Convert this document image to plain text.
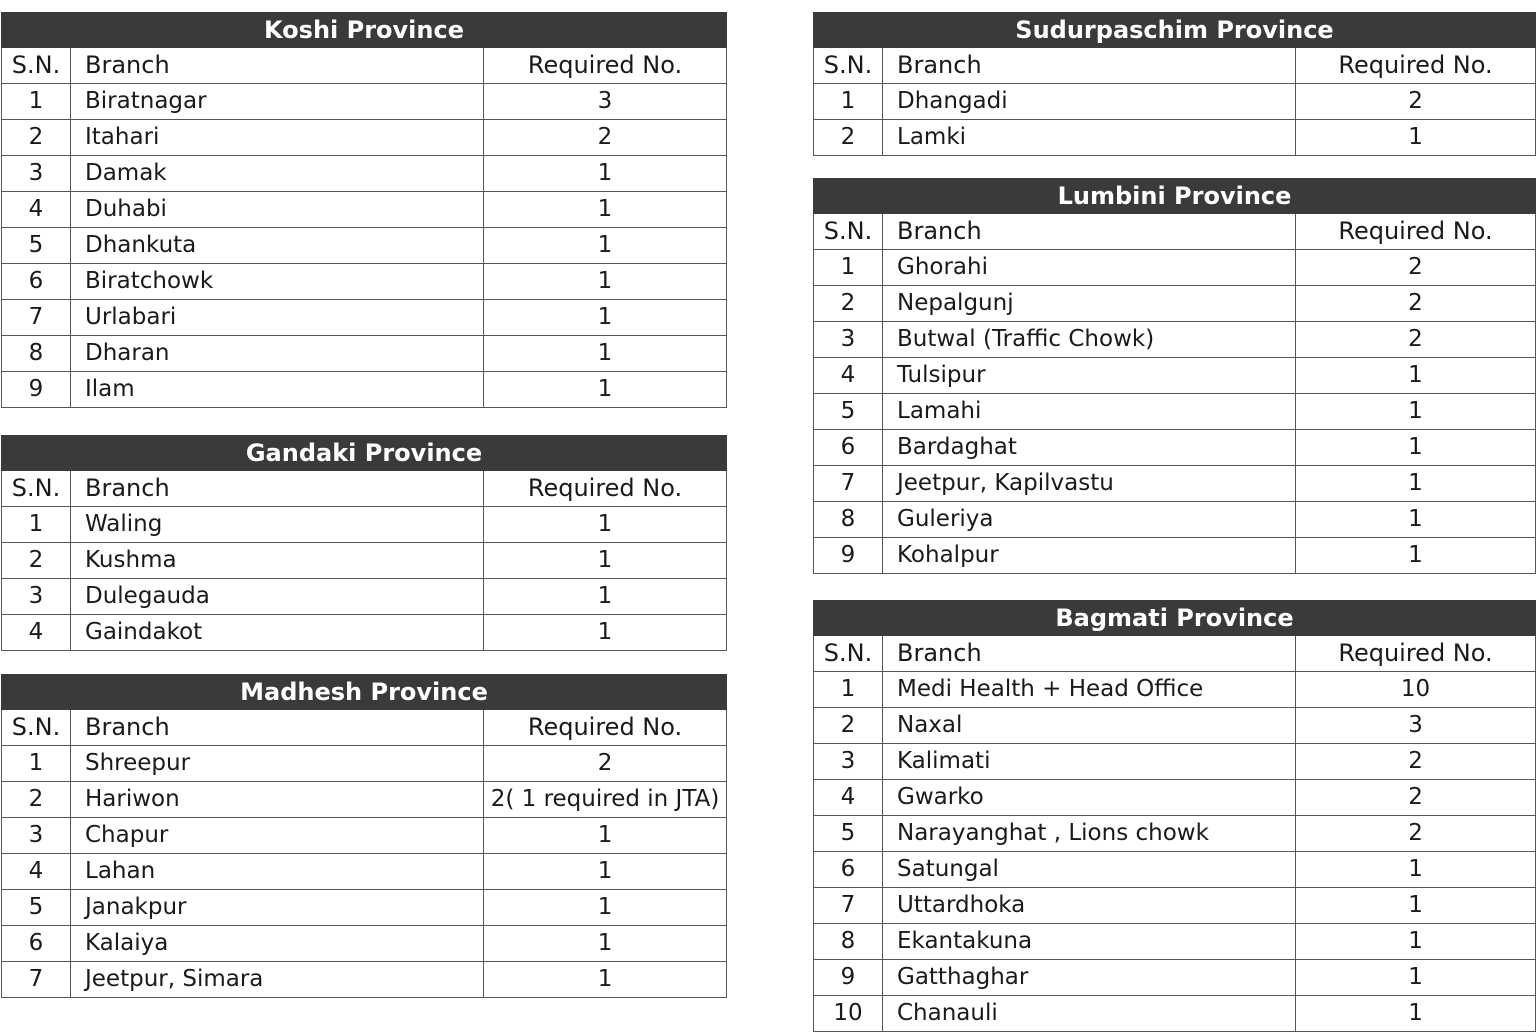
Koshi Province		
S.N.	Branch	Required No.
1	Biratnagar	3
2	Itahari	2
3	Damak	1
4	Duhabi	1
5	Dhankuta	1
6	Biratchowk	1
7	Urlabari	1
8	Dharan	1
9	Ilam	1
Gandaki Province		
S.N.	Branch	Required No.
1	Waling	1
2	Kushma	1
3	Dulegauda	1
4	Gaindakot	1
Madhesh Province		
S.N.	Branch	Required No.
1	Shreepur	2
2	Hariwon	2( 1 required in JTA)
3	Chapur	1
4	Lahan	1
5	Janakpur	1
6	Kalaiya	1
7	Jeetpur, Simara	1
Sudurpaschim Province		
S.N.	Branch	Required No.
1	Dhangadi	2
2	Lamki	1
Lumbini Province		
S.N.	Branch	Required No.
1	Ghorahi	2
2	Nepalgunj	2
3	Butwal (Traffic Chowk)	2
4	Tulsipur	1
5	Lamahi	1
6	Bardaghat	1
7	Jeetpur, Kapilvastu	1
8	Guleriya	1
9	Kohalpur	1
Bagmati Province		
S.N.	Branch	Required No.
1	Medi Health + Head Office	10
2	Naxal	3
3	Kalimati	2
4	Gwarko	2
5	Narayanghat , Lions chowk	2
6	Satungal	1
7	Uttardhoka	1
8	Ekantakuna	1
9	Gatthaghar	1
10	Chanauli	1
